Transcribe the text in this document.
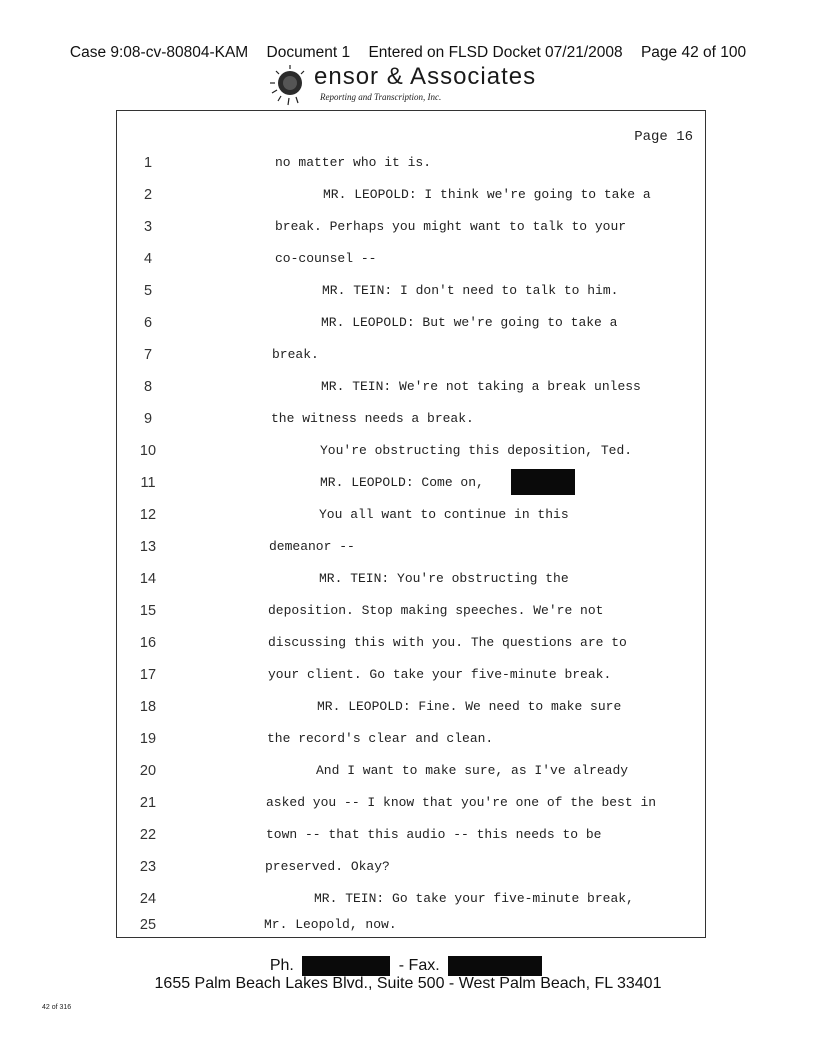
Case 9:08-cv-80804-KAM Document 1 Entered on FLSD Docket 07/21/2008 Page 42 of 100
ensor & Associates
Reporting and Transcription, Inc.
Page 16
1	no matter who it is.
2	MR. LEOPOLD: I think we're going to take a
3	break. Perhaps you might want to talk to your
4	co-counsel --
5	MR. TEIN: I don't need to talk to him.
6	MR. LEOPOLD: But we're going to take a
7	break.
8	MR. TEIN: We're not taking a break unless
9	the witness needs a break.
10	You're obstructing this deposition, Ted.
11	MR. LEOPOLD: Come on,
12	You all want to continue in this
13	demeanor --
14	MR. TEIN: You're obstructing the
15	deposition. Stop making speeches. We're not
16	discussing this with you. The questions are to
17	your client. Go take your five-minute break.
18	MR. LEOPOLD: Fine. We need to make sure
19	the record's clear and clean.
20	And I want to make sure, as I've already
21	asked you -- I know that you're one of the best in
22	town -- that this audio -- this needs to be
23	preserved. Okay?
24	MR. TEIN: Go take your five-minute break,
25	Mr. Leopold, now.
Ph.	- Fax.
1655 Palm Beach Lakes Blvd., Suite 500 - West Palm Beach, FL 33401
42 of 316
